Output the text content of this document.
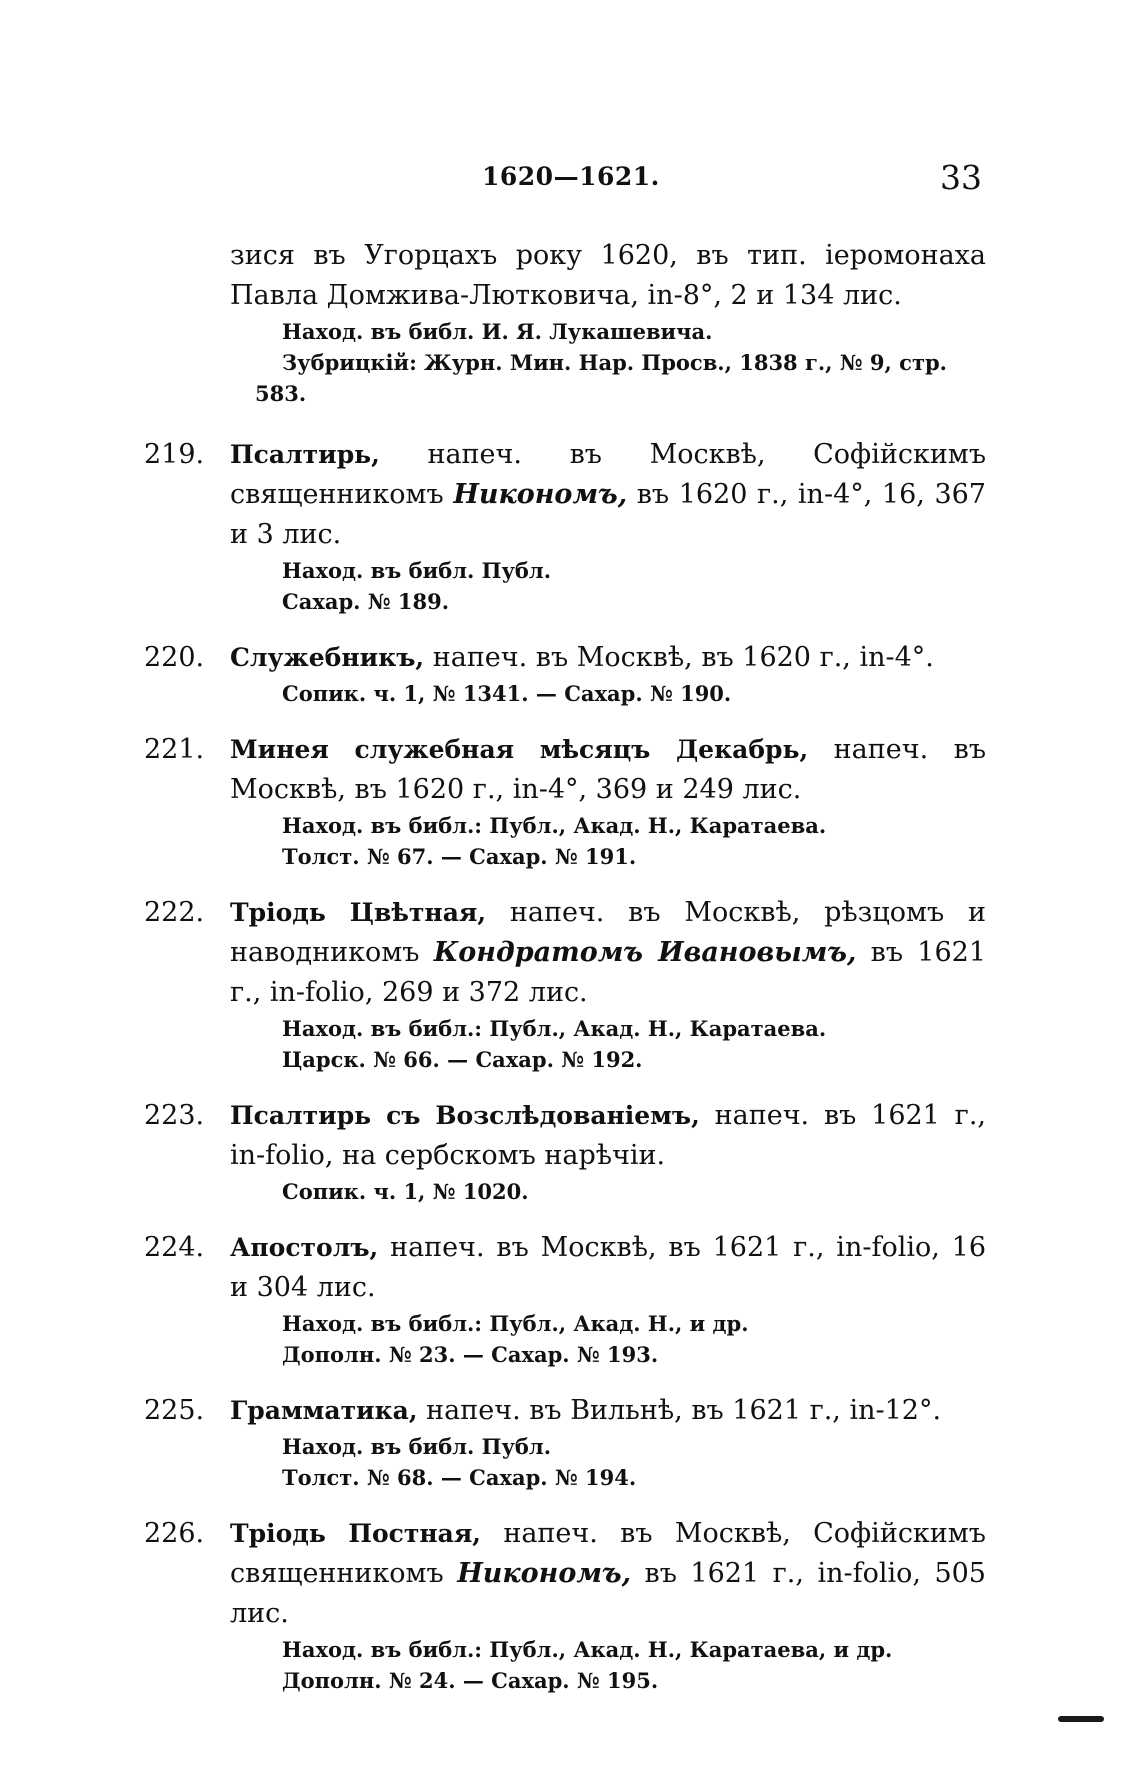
1620—1621.	33
зися въ Угорцахъ року 1620, въ тип. іеромонаха Павла Домжива-Лютковича, in-8°, 2 и 134 лис.
Наход. въ библ. И. Я. Лукашевича.
Зубрицкій: Журн. Мин. Нар. Просв., 1838 г., № 9, стр. 583.
219. Псалтирь, напеч. въ Москвѣ, Софійскимъ священникомъ Никономъ, въ 1620 г., in-4°, 16, 367 и 3 лис.
Наход. въ библ. Публ.
Сахар. № 189.
220. Служебникъ, напеч. въ Москвѣ, въ 1620 г., in-4°.
Сопик. ч. 1, № 1341. — Сахар. № 190.
221. Минея служебная мѣсяцъ Декабрь, напеч. въ Москвѣ, въ 1620 г., in-4°, 369 и 249 лис.
Наход. въ библ.: Публ., Акад. Н., Каратаева.
Толст. № 67. — Сахар. № 191.
222. Тріодь Цвѣтная, напеч. въ Москвѣ, рѣзцомъ и наводникомъ Кондратомъ Ивановымъ, въ 1621 г., in-folio, 269 и 372 лис.
Наход. въ библ.: Публ., Акад. Н., Каратаева.
Царск. № 66. — Сахар. № 192.
223. Псалтирь съ Возслѣдованіемъ, напеч. въ 1621 г., in-folio, на сербскомъ нарѣчіи.
Сопик. ч. 1, № 1020.
224. Апостолъ, напеч. въ Москвѣ, въ 1621 г., in-folio, 16 и 304 лис.
Наход. въ библ.: Публ., Акад. Н., и др.
Дополн. № 23. — Сахар. № 193.
225. Грамматика, напеч. въ Вильнѣ, въ 1621 г., in-12°.
Наход. въ библ. Публ.
Толст. № 68. — Сахар. № 194.
226. Тріодь Постная, напеч. въ Москвѣ, Софійскимъ священникомъ Никономъ, въ 1621 г., in-folio, 505 лис.
Наход. въ библ.: Публ., Акад. Н., Каратаева, и др.
Дополн. № 24. — Сахар. № 195.
